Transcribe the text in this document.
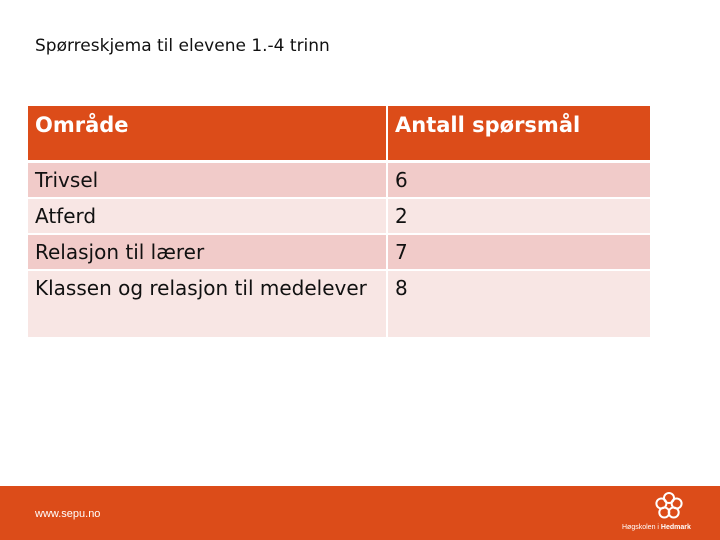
Spørreskjema til elevene 1.-4 trinn
Område	Antall spørsmål
Trivsel	6
Atferd	2
Relasjon til lærer	7
Klassen og relasjon til medelever	8
www.sepu.no
Høgskolen i Hedmark
